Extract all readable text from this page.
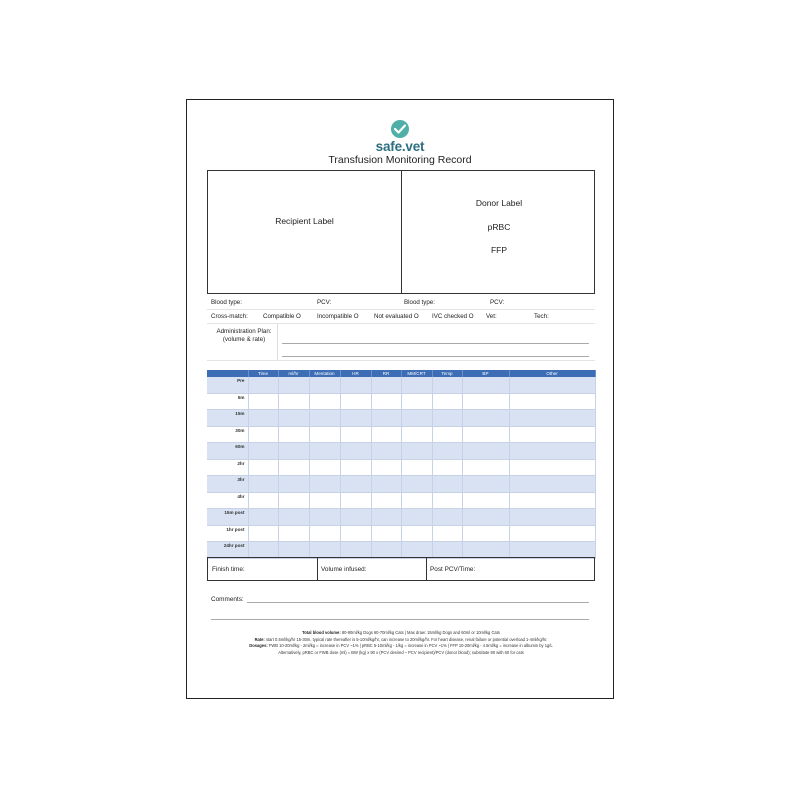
safe.vet
Transfusion Monitoring Record
Recipient Label
Donor Label
pRBC
FFP
Blood type:	PCV:	Blood type:	PCV:
Cross-match: Compatible O	Incompatible O Not evaluated O IVC checked O Vet:	Tech:
Administration Plan:
(volume & rate)
	Time	ml/hr	Mentation	HR	RR	MM/CRT	Temp	BP	Other
Pre									
5m									
15m									
30m									
60m									
2hr									
3hr									
4hr									
15m post									
1hr post									
24hr post									
Finish time:	Volume infused:	Post PCV/Time:
Comments:
Total blood volume: 80-90ml/kg Dogs 60-70ml/kg Cats | Max draw: 15ml/kg Dogs and 60ml or 10ml/kg Cats
Rate: start 0.5ml/kg/hr 15-30m, typical rate thereafter is 5-10ml/kg/hr, can increase to 20ml/kg/hr. For heart disease, renal failure or potential overload 1-4ml/kg/hr.
Dosages: FWB 10-20ml/kg - 2ml/kg = increase in PCV ~1% | pRBC 5-10ml/kg - 1/kg = increase in PCV ~1% | FFP 10-20ml/kg - 4.5ml/kg = increase in albumin by 1g/L
Alternatively, pRBC or FWB dose (ml) = BW (kg) x 90 x (PCV desired – PCV recipient)/PCV (donor blood); substitute 90 with 60 for cats
